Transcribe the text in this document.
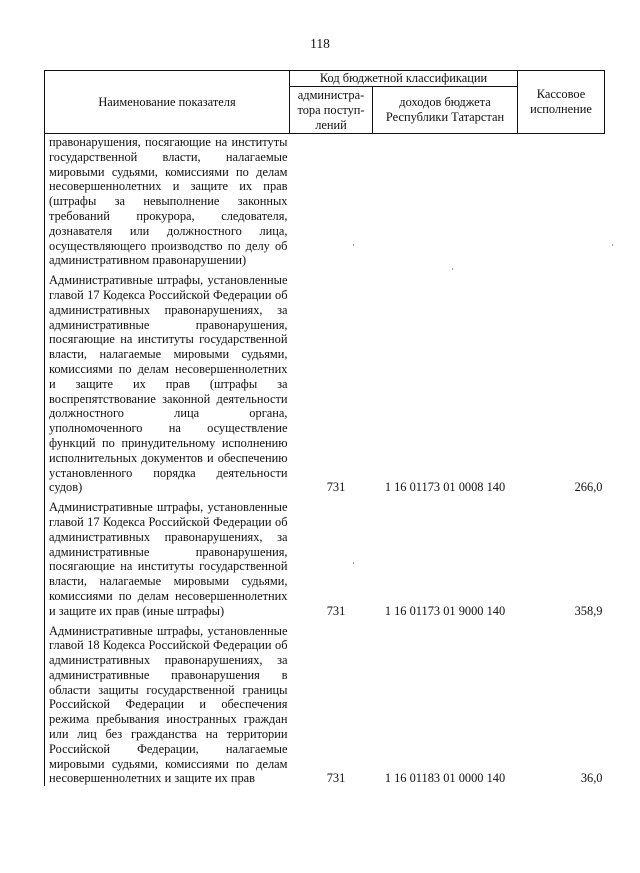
118
Наименование показателя	Код бюджетной классификации		Кассовое исполнение
	администра-тора поступ-лений	доходов бюджета Республики Татарстан	
правонарушения, посягающие на институты государственной власти, налагаемые мировыми судьями, комиссиями по делам несовершеннолетних и защите их прав (штрафы за невыполнение законных требований прокурора, следователя, дознавателя или должностного лица, осуществляющего производство по делу об административном правонарушении)			
Административные штрафы, установленные главой 17 Кодекса Российской Федерации об административных правонарушениях, за административные правонарушения, посягающие на институты государственной власти, налагаемые мировыми судьями, комиссиями по делам несовершеннолетних и защите их прав (штрафы за воспрепятствование законной деятельности должностного лица органа, уполномоченного на осуществление функций по принудительному исполнению исполнительных документов и обеспечению установленного порядка деятельности судов)	731	1 16 01173 01 0008 140	266,0
Административные штрафы, установленные главой 17 Кодекса Российской Федерации об административных правонарушениях, за административные правонарушения, посягающие на институты государственной власти, налагаемые мировыми судьями, комиссиями по делам несовершеннолетних и защите их прав (иные штрафы)	731	1 16 01173 01 9000 140	358,9
Административные штрафы, установленные главой 18 Кодекса Российской Федерации об административных правонарушениях, за административные правонарушения в области защиты государственной границы Российской Федерации и обеспечения режима пребывания иностранных граждан или лиц без гражданства на территории Российской Федерации, налагаемые мировыми судьями, комиссиями по делам несовершеннолетних и защите их прав	731	1 16 01183 01 0000 140	36,0
